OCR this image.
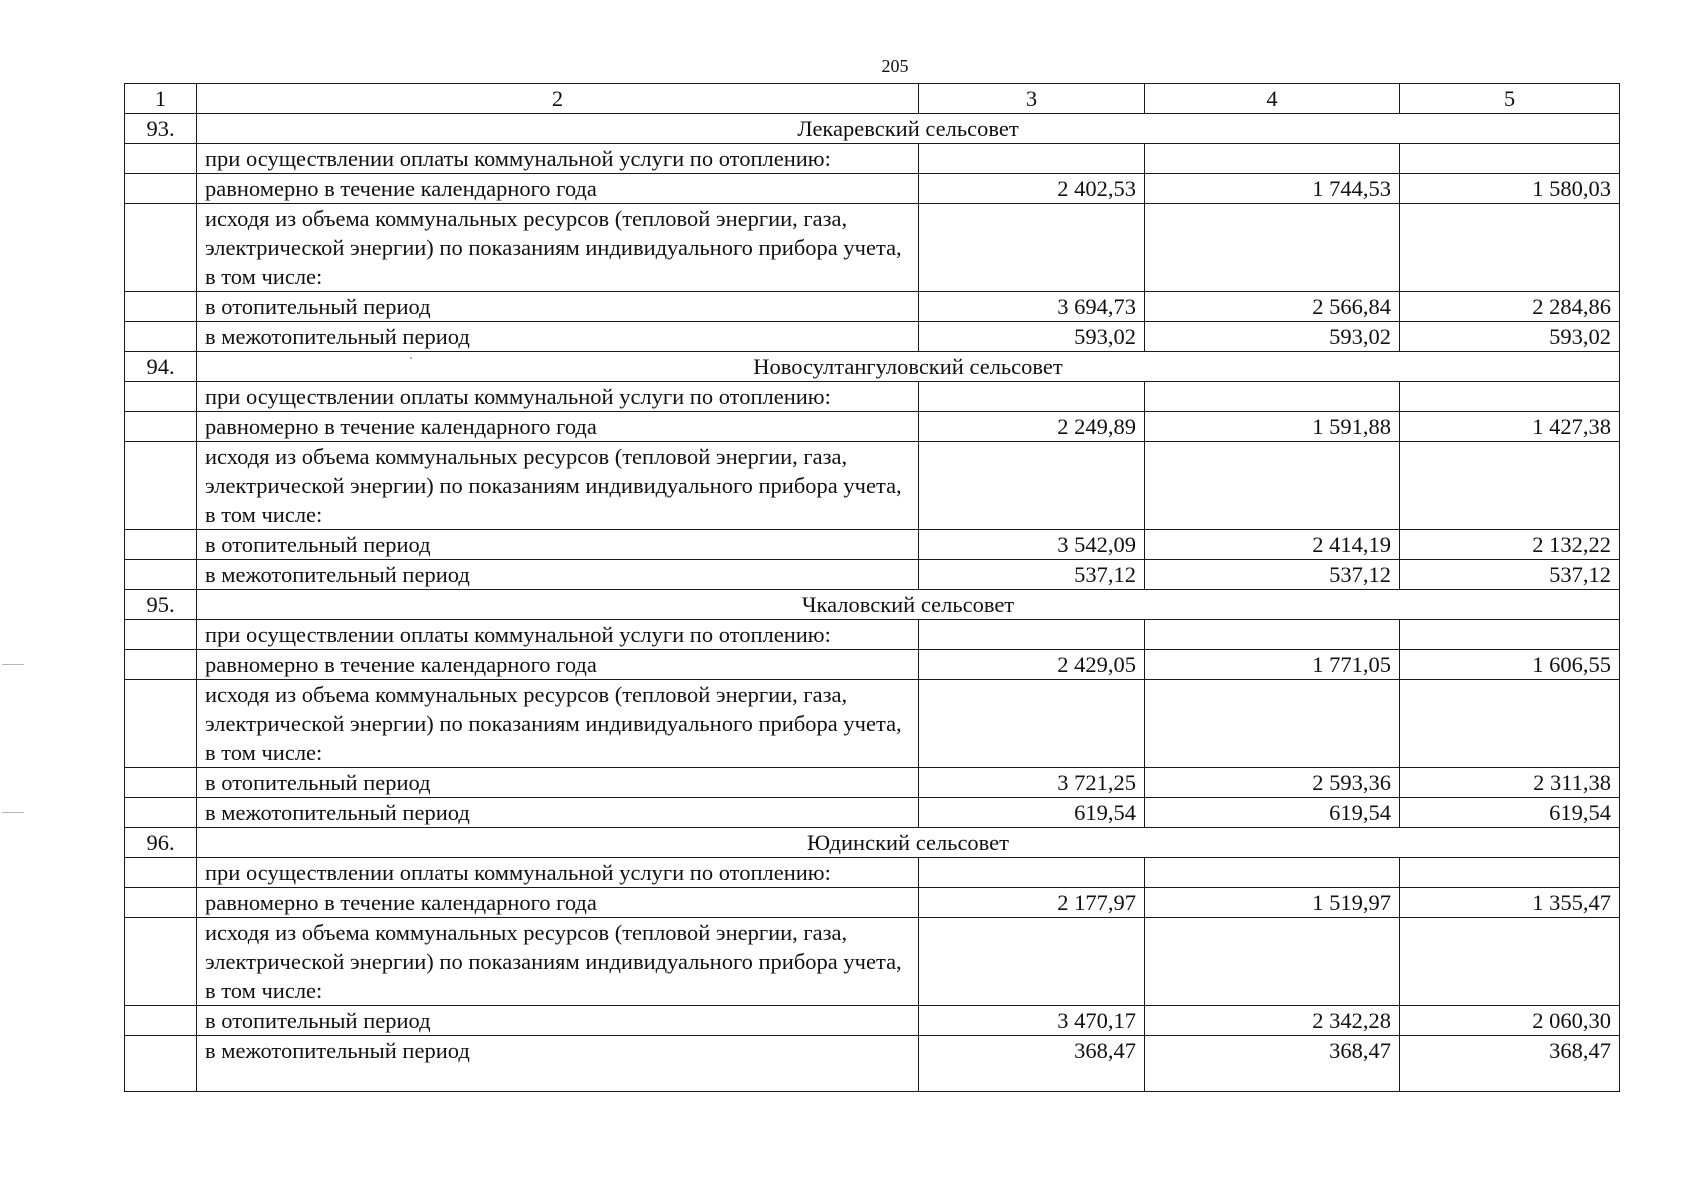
205
1	2	3	4	5
93.	Лекаревский сельсовет			
	при осуществлении оплаты коммунальной услуги по отоплению:			
	равномерно в течение календарного года	2 402,53	1 744,53	1 580,03
	исходя из объема коммунальных ресурсов (тепловой энергии, газа, электрической энергии) по показаниям индивидуального прибора учета, в том числе:			
	в отопительный период	3 694,73	2 566,84	2 284,86
	в межотопительный период	593,02	593,02	593,02
94.	Новосултангуловский сельсовет			
	при осуществлении оплаты коммунальной услуги по отоплению:			
	равномерно в течение календарного года	2 249,89	1 591,88	1 427,38
	исходя из объема коммунальных ресурсов (тепловой энергии, газа, электрической энергии) по показаниям индивидуального прибора учета, в том числе:			
	в отопительный период	3 542,09	2 414,19	2 132,22
	в межотопительный период	537,12	537,12	537,12
95.	Чкаловский сельсовет			
	при осуществлении оплаты коммунальной услуги по отоплению:			
	равномерно в течение календарного года	2 429,05	1 771,05	1 606,55
	исходя из объема коммунальных ресурсов (тепловой энергии, газа, электрической энергии) по показаниям индивидуального прибора учета, в том числе:			
	в отопительный период	3 721,25	2 593,36	2 311,38
	в межотопительный период	619,54	619,54	619,54
96.	Юдинский сельсовет			
	при осуществлении оплаты коммунальной услуги по отоплению:			
	равномерно в течение календарного года	2 177,97	1 519,97	1 355,47
	исходя из объема коммунальных ресурсов (тепловой энергии, газа, электрической энергии) по показаниям индивидуального прибора учета, в том числе:			
	в отопительный период	3 470,17	2 342,28	2 060,30
	в межотопительный период	368,47	368,47	368,47
